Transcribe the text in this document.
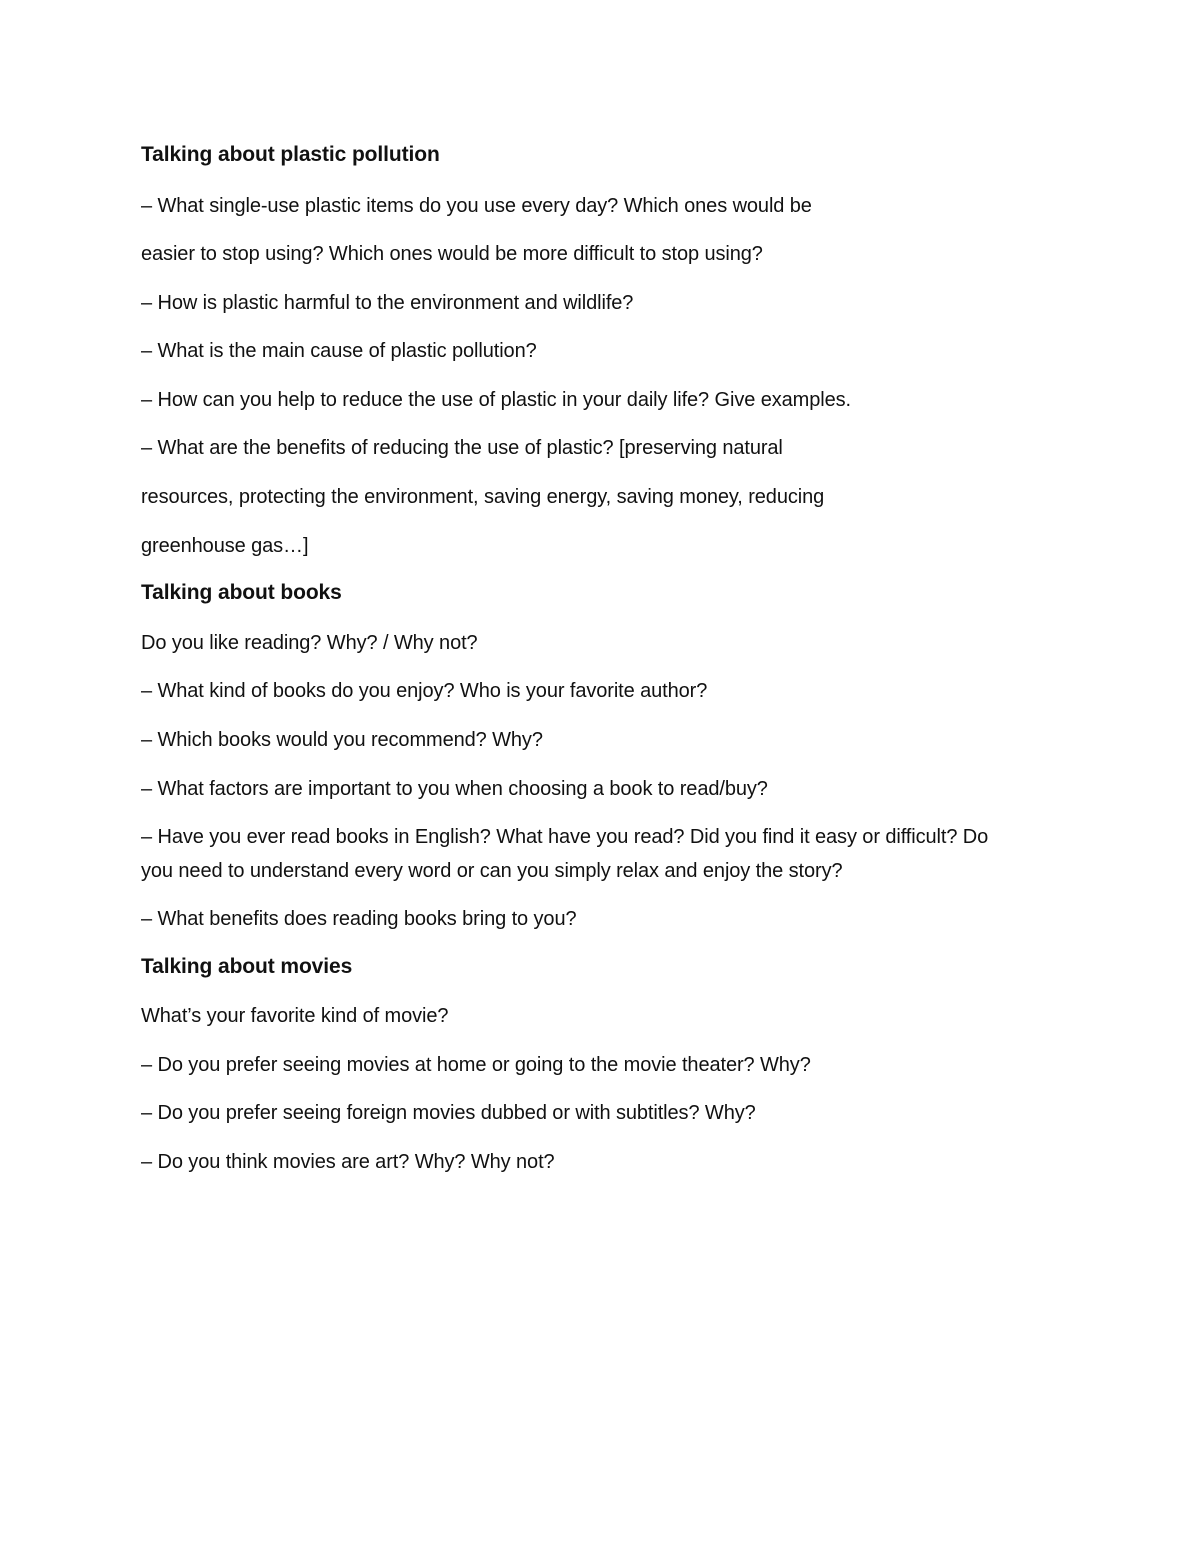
Talking about plastic pollution
– What single-use plastic items do you use every day? Which ones would be
easier to stop using? Which ones would be more difficult to stop using?
– How is plastic harmful to the environment and wildlife?
– What is the main cause of plastic pollution?
– How can you help to reduce the use of plastic in your daily life? Give examples.
– What are the benefits of reducing the use of plastic? [preserving natural
resources, protecting the environment, saving energy, saving money, reducing
greenhouse gas…]
Talking about books
Do you like reading? Why? / Why not?
– What kind of books do you enjoy? Who is your favorite author?
– Which books would you recommend? Why?
– What factors are important to you when choosing a book to read/buy?
– Have you ever read books in English? What have you read? Did you find it easy or difficult? Do
you need to understand every word or can you simply relax and enjoy the story?
– What benefits does reading books bring to you?
Talking about movies
What’s your favorite kind of movie?
– Do you prefer seeing movies at home or going to the movie theater? Why?
– Do you prefer seeing foreign movies dubbed or with subtitles? Why?
– Do you think movies are art? Why? Why not?
